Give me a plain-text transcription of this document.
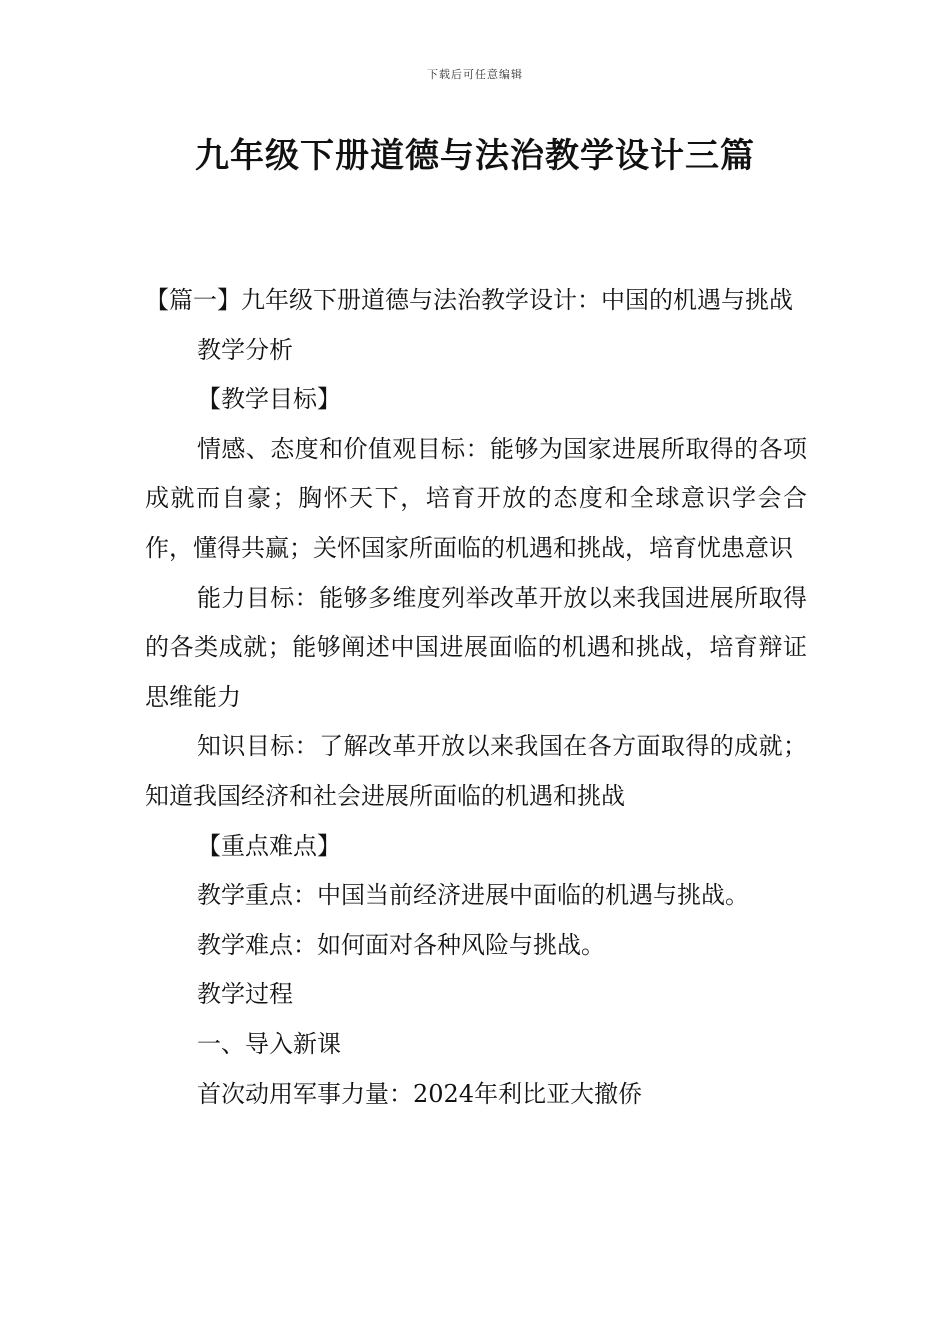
下载后可任意编辑
九年级下册道德与法治教学设计三篇

【篇一】九年级下册道德与法治教学设计：中国的机遇与挑战

教学分析

【教学目标】

情感、态度和价值观目标：能够为国家进展所取得的各项成就而自豪；胸怀天下，培育开放的态度和全球意识学会合作，懂得共赢；关怀国家所面临的机遇和挑战，培育忧患意识

能力目标：能够多维度列举改革开放以来我国进展所取得的各类成就；能够阐述中国进展面临的机遇和挑战，培育辩证思维能力

知识目标：了解改革开放以来我国在各方面取得的成就；知道我国经济和社会进展所面临的机遇和挑战

【重点难点】

教学重点：中国当前经济进展中面临的机遇与挑战。

教学难点：如何面对各种风险与挑战。

教学过程

一、导入新课

首次动用军事力量：2024年利比亚大撤侨
